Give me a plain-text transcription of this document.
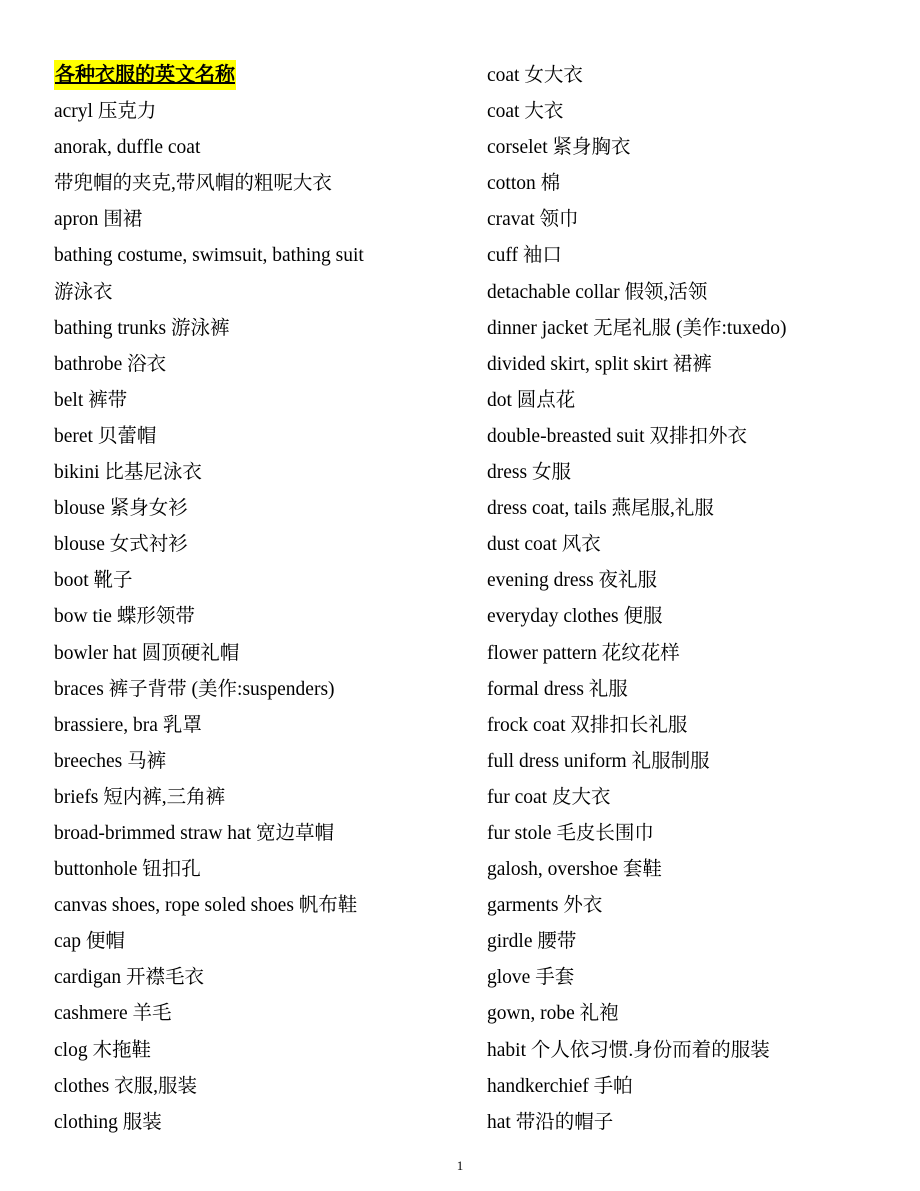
各种衣服的英文名称
acryl 压克力
anorak, duffle coat
带兜帽的夹克,带风帽的粗呢大衣
apron 围裙
bathing costume, swimsuit, bathing suit
游泳衣
bathing trunks 游泳裤
bathrobe 浴衣
belt 裤带
beret 贝蕾帽
bikini 比基尼泳衣
blouse 紧身女衫
blouse 女式衬衫
boot 靴子
bow tie 蝶形领带
bowler hat 圆顶硬礼帽
braces 裤子背带 (美作:suspenders)
brassiere, bra 乳罩
breeches 马裤
briefs 短内裤,三角裤
broad-brimmed straw hat 宽边草帽
buttonhole 钮扣孔
canvas shoes, rope soled shoes 帆布鞋
cap 便帽
cardigan 开襟毛衣
cashmere 羊毛
clog 木拖鞋
clothes 衣服,服装
clothing 服装
coat 女大衣
coat 大衣
corselet 紧身胸衣
cotton 棉
cravat 领巾
cuff 袖口
detachable collar 假领,活领
dinner jacket 无尾礼服 (美作:tuxedo)
divided skirt, split skirt 裙裤
dot 圆点花
double-breasted suit 双排扣外衣
dress 女服
dress coat, tails 燕尾服,礼服
dust coat 风衣
evening dress 夜礼服
everyday clothes 便服
flower pattern 花纹花样
formal dress 礼服
frock coat 双排扣长礼服
full dress uniform 礼服制服
fur coat 皮大衣
fur stole 毛皮长围巾
galosh, overshoe 套鞋
garments 外衣
girdle 腰带
glove 手套
gown, robe 礼袍
habit 个人依习惯.身份而着的服装
handkerchief 手帕
hat 带沿的帽子
1
